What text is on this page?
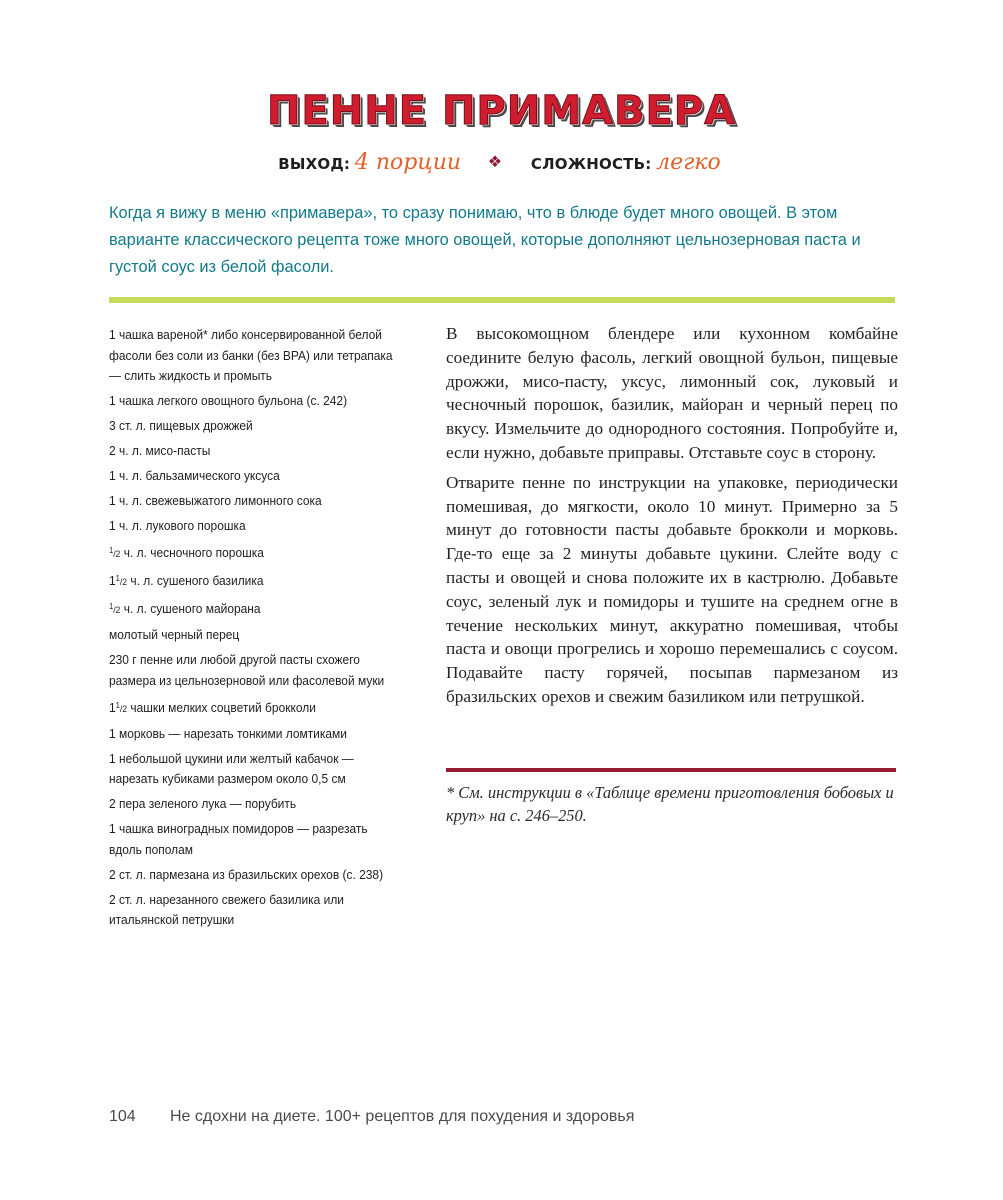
ПЕННЕ ПРИМАВЕРА
ВЫХОД: 4 порции ❖ СЛОЖНОСТЬ: легко

Когда я вижу в меню «примавера», то сразу понимаю, что в блюде будет много овощей. В этом варианте классического рецепта тоже много овощей, которые дополняют цельнозерновая паста и густой соус из белой фасоли.

1 чашка вареной* либо консервированной белой фасоли без соли из банки (без BPA) или тетрапака — слить жидкость и промыть
1 чашка легкого овощного бульона (с. 242)
3 ст. л. пищевых дрожжей
2 ч. л. мисо-пасты
1 ч. л. бальзамического уксуса
1 ч. л. свежевыжатого лимонного сока
1 ч. л. лукового порошка
$^1$/2 ч. л. чесночного порошка
$1^1/2$ ч. л. сушеного базилика
$^1$/2 ч. л. сушеного майорана
молотый черный перец
230 г пенне или любой другой пасты схожего размера из цельнозерновой или фасолевой муки
$1^1/2$ чашки мелких соцветий брокколи
1 морковь — нарезать тонкими ломтиками
1 небольшой цукини или желтый кабачок — нарезать кубиками размером около 0,5 см
2 пера зеленого лука — порубить
1 чашка виноградных помидоров — разрезать вдоль пополам
2 ст. л. пармезана из бразильских орехов (с. 238)
2 ст. л. нарезанного свежего базилика или итальянской петрушки

В высокомощном блендере или кухонном комбайне соедините белую фасоль, легкий овощной бульон, пищевые дрожжи, мисо-пасту, уксус, лимонный сок, луковый и чесночный порошок, базилик, майоран и черный перец по вкусу. Измельчите до однородного состояния. Попробуйте и, если нужно, добавьте приправы. Отставьте соус в сторону.

Отварите пенне по инструкции на упаковке, периодически помешивая, до мягкости, около 10 минут. Примерно за 5 минут до готовности пасты добавьте брокколи и морковь. Где-то еще за 2 минуты добавьте цукини. Слейте воду с пасты и овощей и снова положите их в кастрюлю. Добавьте соус, зеленый лук и помидоры и тушите на среднем огне в течение нескольких минут, аккуратно помешивая, чтобы паста и овощи прогрелись и хорошо перемешались с соусом. Подавайте пасту горячей, посыпав пармезаном из бразильских орехов и свежим базиликом или петрушкой.

* См. инструкции в «Таблице времени приготовления бобовых и круп» на с. 246–250.

104 Не сдохни на диете. 100+ рецептов для похудения и здоровья
